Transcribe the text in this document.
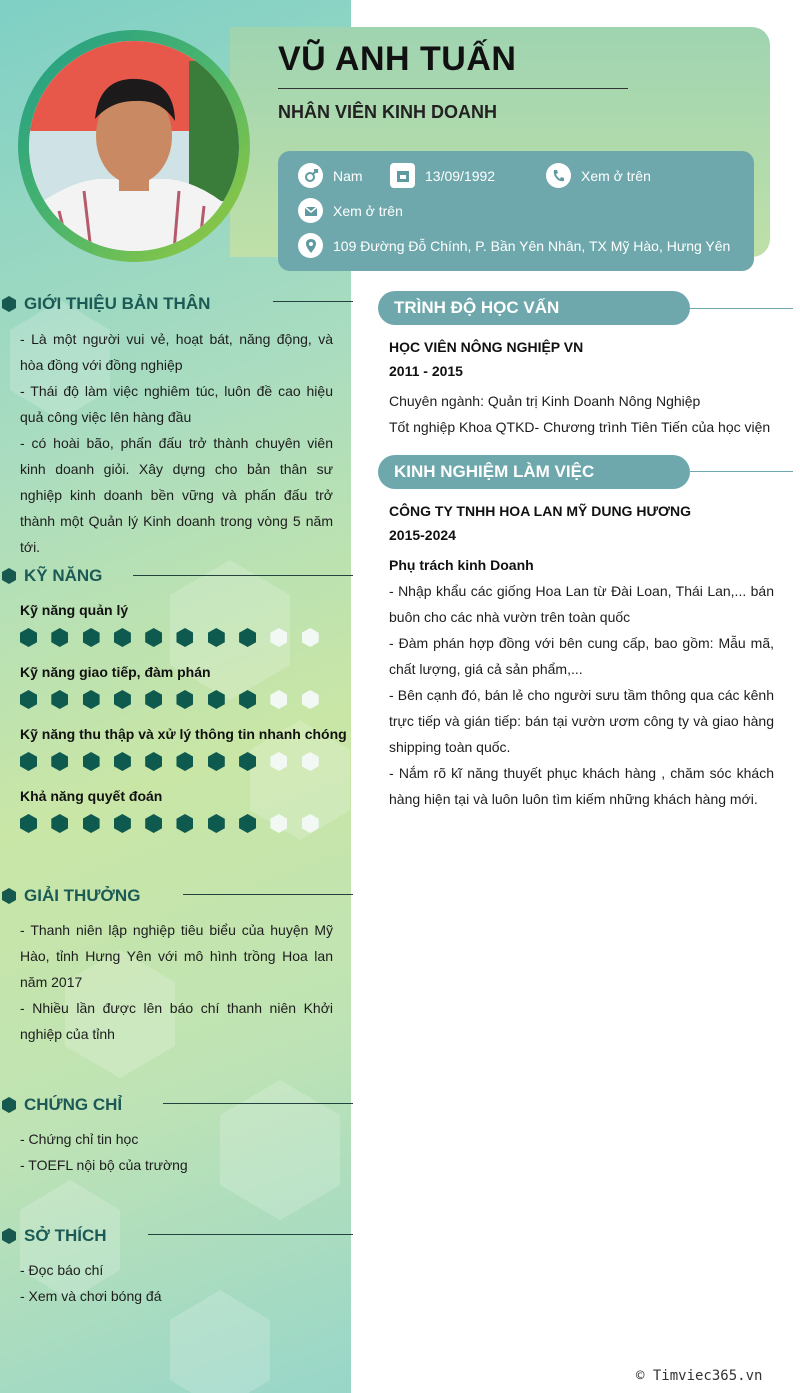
VŨ ANH TUẤN
NHÂN VIÊN KINH DOANH
Nam	13/09/1992	Xem ở trên
Xem ở trên
109 Đường Đỗ Chính, P. Bần Yên Nhân, TX Mỹ Hào, Hưng Yên
GIỚI THIỆU BẢN THÂN

- Là một người vui vẻ, hoạt bát, năng động, và hòa đồng với đồng nghiệp

- Thái độ làm việc nghiêm túc, luôn đề cao hiệu quả công việc lên hàng đầu

- có hoài bão, phấn đấu trở thành chuyên viên kinh doanh giỏi. Xây dựng cho bản thân sư nghiệp kinh doanh bền vững và phấn đấu trở thành một Quản lý Kinh doanh trong vòng 5 năm tới.

KỸ NĂNG
Kỹ năng quản lý
Kỹ năng giao tiếp, đàm phán
Kỹ năng thu thập và xử lý thông tin nhanh chóng
Khả năng quyết đoán
GIẢI THƯỞNG

- Thanh niên lập nghiệp tiêu biểu của huyện Mỹ Hào, tỉnh Hưng Yên với mô hình trồng Hoa lan năm 2017

- Nhiều lần được lên báo chí thanh niên Khởi nghiệp của tỉnh

CHỨNG CHỈ

- Chứng chỉ tin học

- TOEFL nội bộ của trường

SỞ THÍCH

- Đọc báo chí

- Xem và chơi bóng đá

TRÌNH ĐỘ HỌC VẤN
HỌC VIÊN NÔNG NGHIỆP VN
2011 - 2015
Chuyên ngành: Quản trị Kinh Doanh Nông Nghiệp
Tốt nghiệp Khoa QTKD- Chương trình Tiên Tiến của học viện
KINH NGHIỆM LÀM VIỆC
CÔNG TY TNHH HOA LAN MỸ DUNG HƯƠNG
2015-2024
Phụ trách kinh Doanh

- Nhập khẩu các giống Hoa Lan từ Đài Loan, Thái Lan,... bán buôn cho các nhà vườn trên toàn quốc

- Đàm phán hợp đồng với bên cung cấp, bao gồm: Mẫu mã, chất lượng, giá cả sản phẩm,...

- Bên cạnh đó, bán lẻ cho người sưu tầm thông qua các kênh trực tiếp và gián tiếp: bán tại vườn ươm công ty và giao hàng shipping toàn quốc.

- Nắm rõ kĩ năng thuyết phục khách hàng , chăm sóc khách hàng hiện tại và luôn luôn tìm kiếm những khách hàng mới.

© Timviec365.vn
